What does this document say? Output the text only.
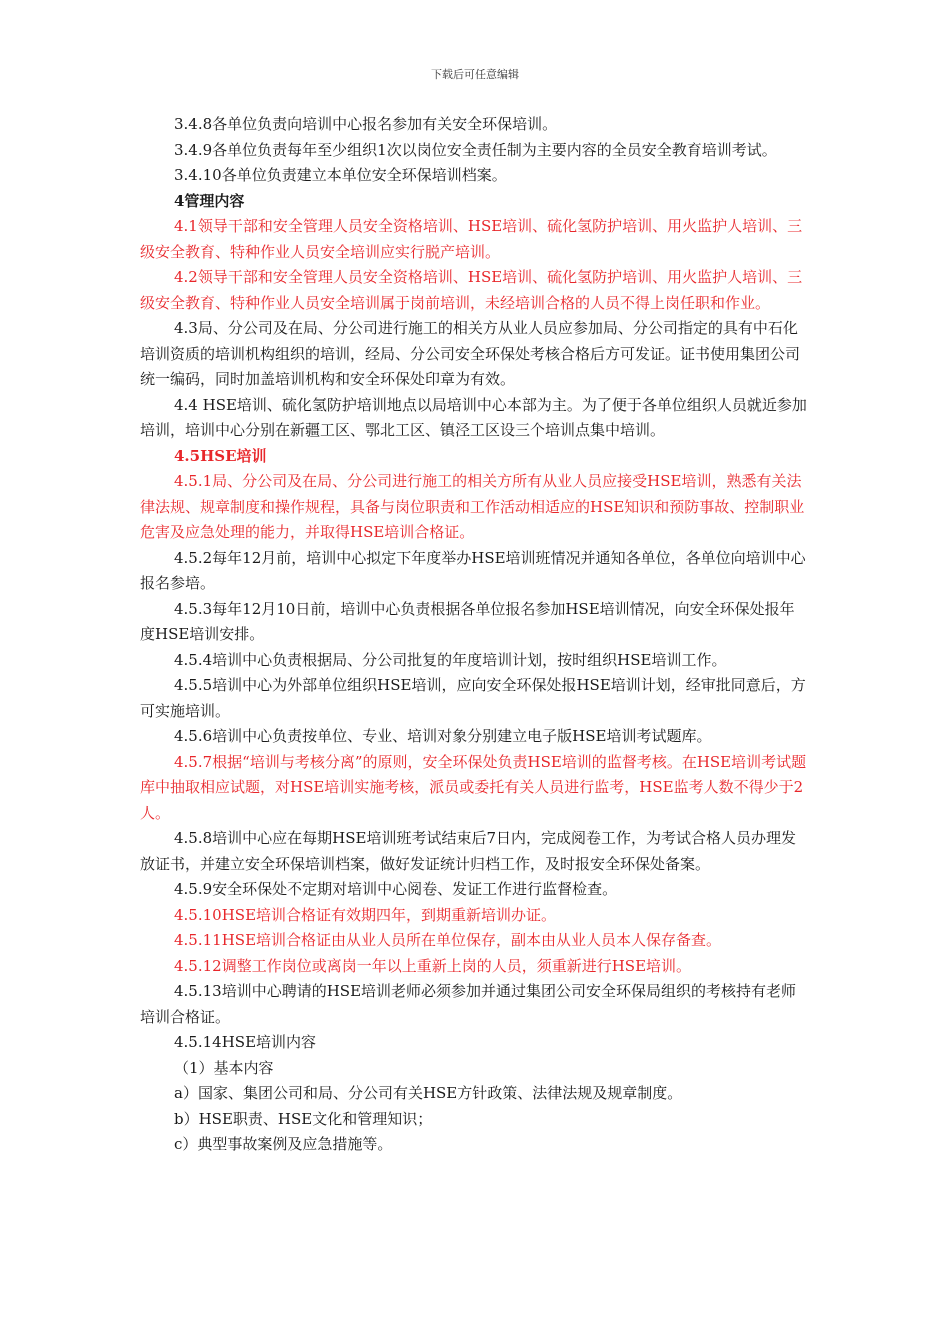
下载后可任意编辑

3.4.8各单位负责向培训中心报名参加有关安全环保培训。

3.4.9各单位负责每年至少组织1次以岗位安全责任制为主要内容的全员安全教育培训考试。

3.4.10各单位负责建立本单位安全环保培训档案。

4管理内容

4.1领导干部和安全管理人员安全资格培训、HSE培训、硫化氢防护培训、用火监护人培训、三级安全教育、特种作业人员安全培训应实行脱产培训。

4.2领导干部和安全管理人员安全资格培训、HSE培训、硫化氢防护培训、用火监护人培训、三级安全教育、特种作业人员安全培训属于岗前培训，未经培训合格的人员不得上岗任职和作业。

4.3局、分公司及在局、分公司进行施工的相关方从业人员应参加局、分公司指定的具有中石化培训资质的培训机构组织的培训，经局、分公司安全环保处考核合格后方可发证。证书使用集团公司统一编码，同时加盖培训机构和安全环保处印章为有效。

4.4 HSE培训、硫化氢防护培训地点以局培训中心本部为主。为了便于各单位组织人员就近参加培训，培训中心分别在新疆工区、鄂北工区、镇泾工区设三个培训点集中培训。

4.5HSE培训

4.5.1局、分公司及在局、分公司进行施工的相关方所有从业人员应接受HSE培训，熟悉有关法律法规、规章制度和操作规程，具备与岗位职责和工作活动相适应的HSE知识和预防事故、控制职业危害及应急处理的能力，并取得HSE培训合格证。

4.5.2每年12月前，培训中心拟定下年度举办HSE培训班情况并通知各单位，各单位向培训中心报名参培。

4.5.3每年12月10日前，培训中心负责根据各单位报名参加HSE培训情况，向安全环保处报年度HSE培训安排。

4.5.4培训中心负责根据局、分公司批复的年度培训计划，按时组织HSE培训工作。

4.5.5培训中心为外部单位组织HSE培训，应向安全环保处报HSE培训计划，经审批同意后，方可实施培训。

4.5.6培训中心负责按单位、专业、培训对象分别建立电子版HSE培训考试题库。

4.5.7根据“培训与考核分离”的原则，安全环保处负责HSE培训的监督考核。在HSE培训考试题库中抽取相应试题，对HSE培训实施考核，派员或委托有关人员进行监考，HSE监考人数不得少于2人。

4.5.8培训中心应在每期HSE培训班考试结束后7日内，完成阅卷工作，为考试合格人员办理发放证书，并建立安全环保培训档案，做好发证统计归档工作，及时报安全环保处备案。

4.5.9安全环保处不定期对培训中心阅卷、发证工作进行监督检查。

4.5.10HSE培训合格证有效期四年，到期重新培训办证。

4.5.11HSE培训合格证由从业人员所在单位保存，副本由从业人员本人保存备查。

4.5.12调整工作岗位或离岗一年以上重新上岗的人员，须重新进行HSE培训。

4.5.13培训中心聘请的HSE培训老师必须参加并通过集团公司安全环保局组织的考核持有老师培训合格证。

4.5.14HSE培训内容

（1）基本内容

a）国家、集团公司和局、分公司有关HSE方针政策、法律法规及规章制度。

b）HSE职责、HSE文化和管理知识；

c）典型事故案例及应急措施等。
